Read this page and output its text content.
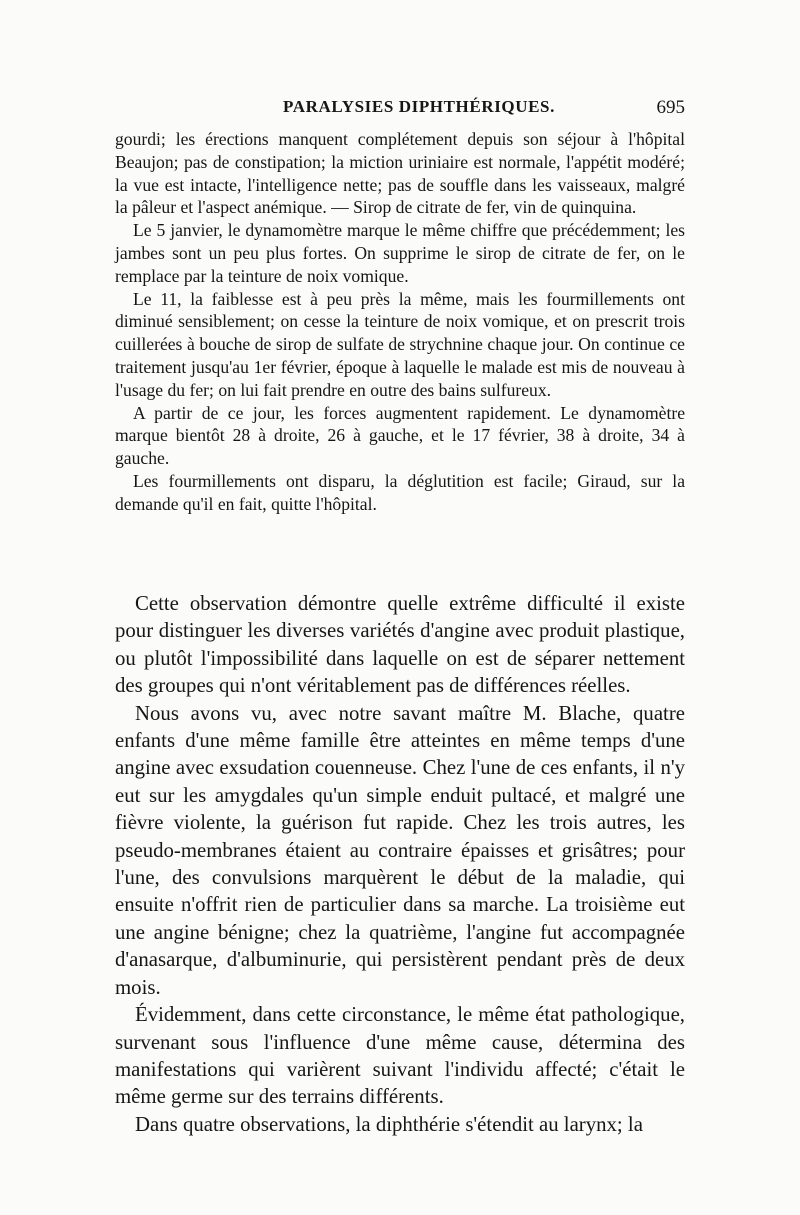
PARALYSIES DIPHTHÉRIQUES.	695

gourdi; les érections manquent complétement depuis son séjour à l'hôpital Beaujon; pas de constipation; la miction uriniaire est normale, l'appétit modéré; la vue est intacte, l'intelligence nette; pas de souffle dans les vaisseaux, malgré la pâleur et l'aspect anémique. — Sirop de citrate de fer, vin de quinquina.

Le 5 janvier, le dynamomètre marque le même chiffre que précédemment; les jambes sont un peu plus fortes. On supprime le sirop de citrate de fer, on le remplace par la teinture de noix vomique.

Le 11, la faiblesse est à peu près la même, mais les fourmillements ont diminué sensiblement; on cesse la teinture de noix vomique, et on prescrit trois cuillerées à bouche de sirop de sulfate de strychnine chaque jour. On continue ce traitement jusqu'au 1er février, époque à laquelle le malade est mis de nouveau à l'usage du fer; on lui fait prendre en outre des bains sulfureux.

A partir de ce jour, les forces augmentent rapidement. Le dynamomètre marque bientôt 28 à droite, 26 à gauche, et le 17 février, 38 à droite, 34 à gauche.

Les fourmillements ont disparu, la déglutition est facile; Giraud, sur la demande qu'il en fait, quitte l'hôpital.

Cette observation démontre quelle extrême difficulté il existe pour distinguer les diverses variétés d'angine avec produit plastique, ou plutôt l'impossibilité dans laquelle on est de séparer nettement des groupes qui n'ont véritablement pas de différences réelles.

Nous avons vu, avec notre savant maître M. Blache, quatre enfants d'une même famille être atteintes en même temps d'une angine avec exsudation couenneuse. Chez l'une de ces enfants, il n'y eut sur les amygdales qu'un simple enduit pultacé, et malgré une fièvre violente, la guérison fut rapide. Chez les trois autres, les pseudo-membranes étaient au contraire épaisses et grisâtres; pour l'une, des convulsions marquèrent le début de la maladie, qui ensuite n'offrit rien de particulier dans sa marche. La troisième eut une angine bénigne; chez la quatrième, l'angine fut accompagnée d'anasarque, d'albuminurie, qui persistèrent pendant près de deux mois.

Évidemment, dans cette circonstance, le même état pathologique, survenant sous l'influence d'une même cause, détermina des manifestations qui varièrent suivant l'individu affecté; c'était le même germe sur des terrains différents.

Dans quatre observations, la diphthérie s'étendit au larynx; la
